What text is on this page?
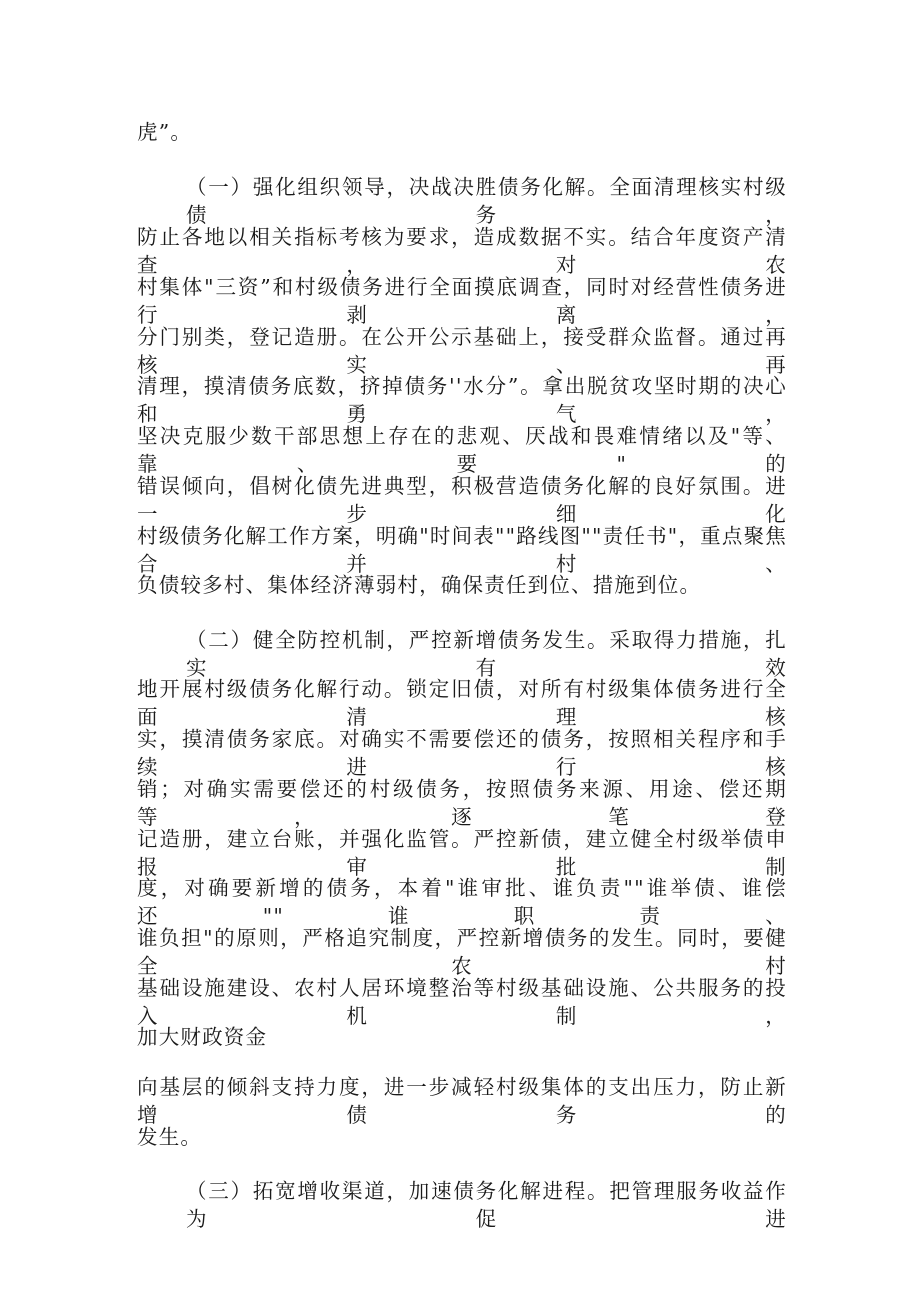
虎”。
（一）强化组织领导，决战决胜债务化解。全面清理核实村级债务，
防止各地以相关指标考核为要求，造成数据不实。结合年度资产清查，对农
村集体"三资”和村级债务进行全面摸底调查，同时对经营性债务进行剥离，
分门别类，登记造册。在公开公示基础上，接受群众监督。通过再核实、再
清理，摸清债务底数，挤掉债务''水分”。拿出脱贫攻坚时期的决心和勇气，
坚决克服少数干部思想上存在的悲观、厌战和畏难情绪以及"等、靠、要"的
错误倾向，倡树化债先进典型，积极营造债务化解的良好氛围。进一步细化
村级债务化解工作方案，明确"时间表""路线图""责任书"，重点聚焦合并村、
负债较多村、集体经济薄弱村，确保责任到位、措施到位。
（二）健全防控机制，严控新增债务发生。采取得力措施，扎实有效
地开展村级债务化解行动。锁定旧债，对所有村级集体债务进行全面清理核
实，摸清债务家底。对确实不需要偿还的债务，按照相关程序和手续进行核
销；对确实需要偿还的村级债务，按照债务来源、用途、偿还期等，逐笔登
记造册，建立台账，并强化监管。严控新债，建立健全村级举债申报审批制
度，对确要新增的债务，本着"谁审批、谁负责""谁举债、谁偿还""谁职责、
谁负担"的原则，严格追究制度，严控新增债务的发生。同时，要健全农村
基础设施建设、农村人居环境整治等村级基础设施、公共服务的投入机制，
加大财政资金
向基层的倾斜支持力度，进一步减轻村级集体的支出压力，防止新增债务的
发生。
（三）拓宽增收渠道，加速债务化解进程。把管理服务收益作为促进
